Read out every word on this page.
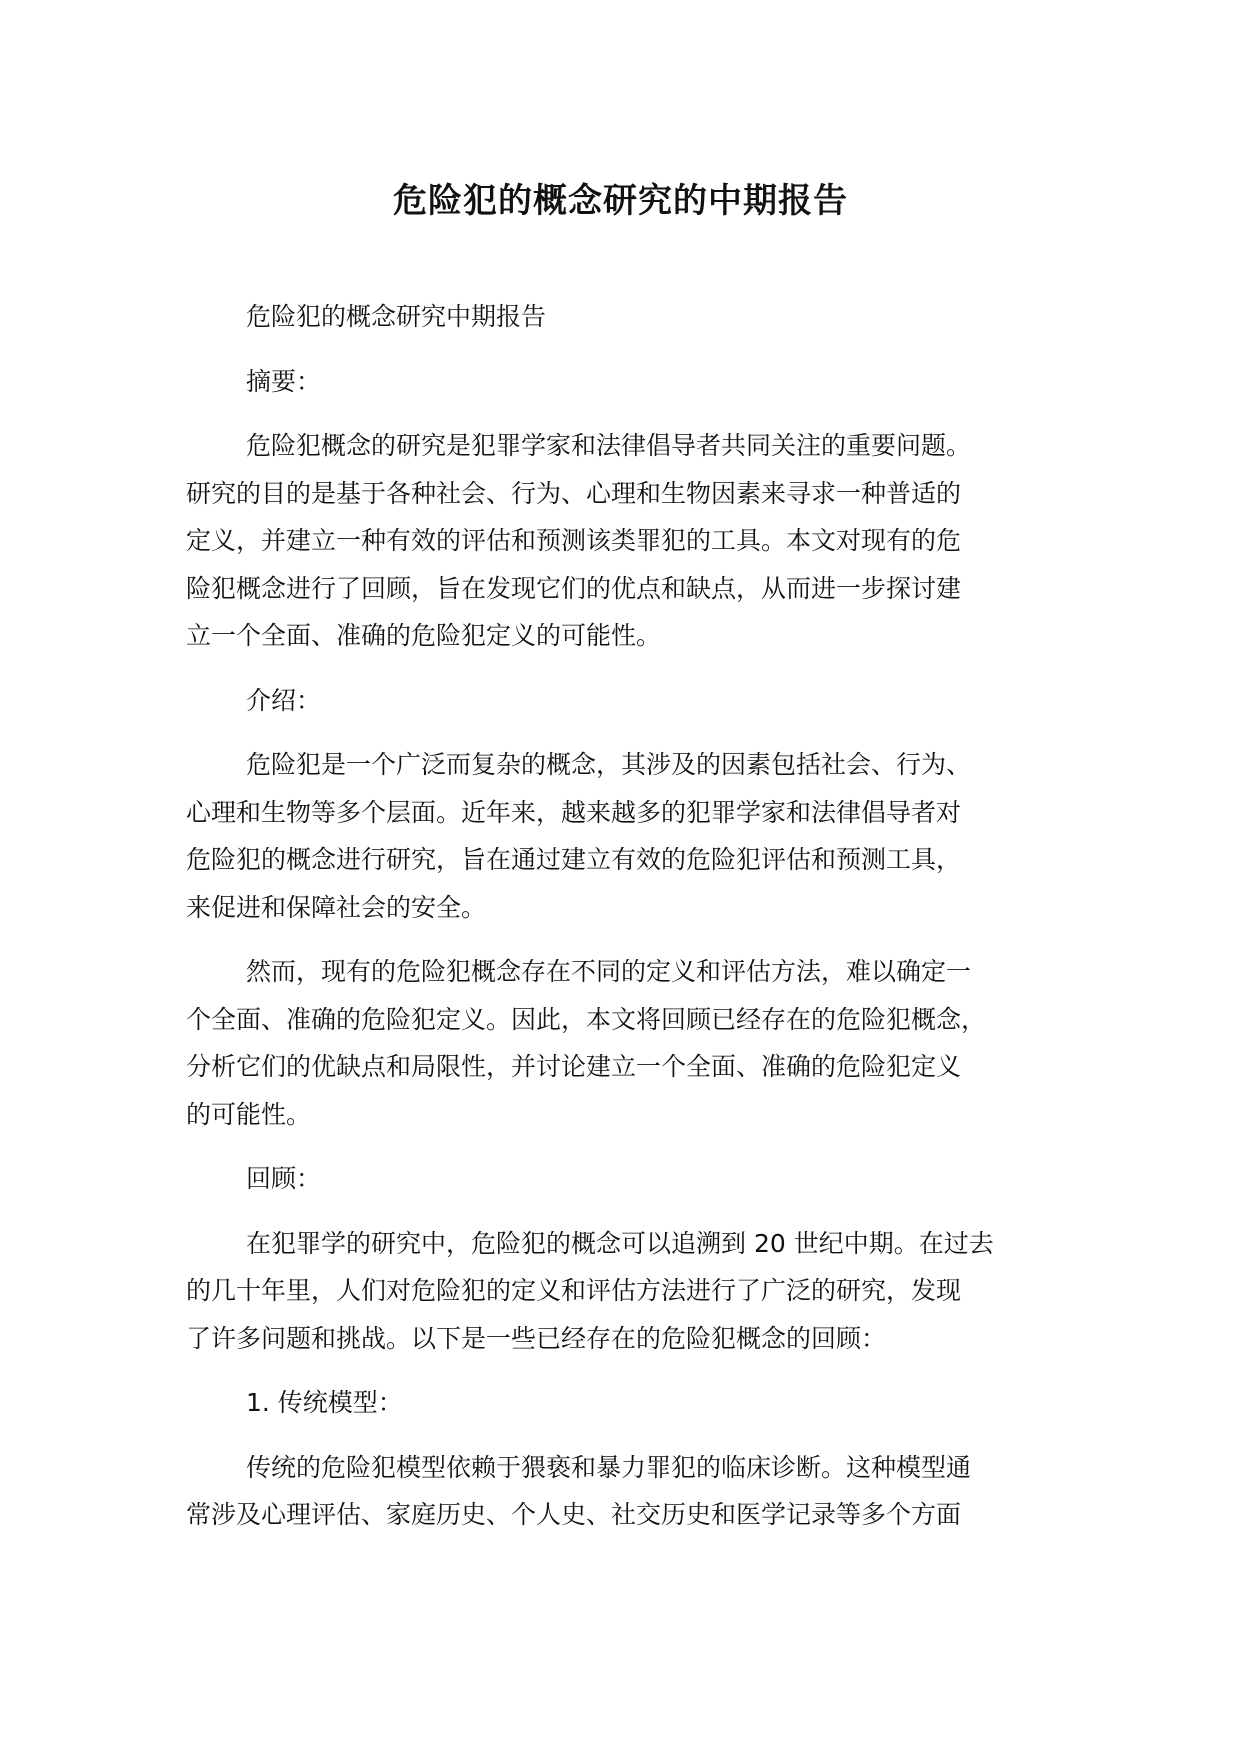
危险犯的概念研究的中期报告

危险犯的概念研究中期报告

摘要：

危险犯概念的研究是犯罪学家和法律倡导者共同关注的重要问题。
研究的目的是基于各种社会、行为、心理和生物因素来寻求一种普适的
定义，并建立一种有效的评估和预测该类罪犯的工具。本文对现有的危
险犯概念进行了回顾，旨在发现它们的优点和缺点，从而进一步探讨建
立一个全面、准确的危险犯定义的可能性。

介绍：

危险犯是一个广泛而复杂的概念，其涉及的因素包括社会、行为、
心理和生物等多个层面。近年来，越来越多的犯罪学家和法律倡导者对
危险犯的概念进行研究，旨在通过建立有效的危险犯评估和预测工具，
来促进和保障社会的安全。

然而，现有的危险犯概念存在不同的定义和评估方法，难以确定一
个全面、准确的危险犯定义。因此，本文将回顾已经存在的危险犯概念，
分析它们的优缺点和局限性，并讨论建立一个全面、准确的危险犯定义
的可能性。

回顾：

在犯罪学的研究中，危险犯的概念可以追溯到 20 世纪中期。在过去
的几十年里，人们对危险犯的定义和评估方法进行了广泛的研究，发现
了许多问题和挑战。以下是一些已经存在的危险犯概念的回顾：

1. 传统模型：

传统的危险犯模型依赖于猥亵和暴力罪犯的临床诊断。这种模型通
常涉及心理评估、家庭历史、个人史、社交历史和医学记录等多个方面
